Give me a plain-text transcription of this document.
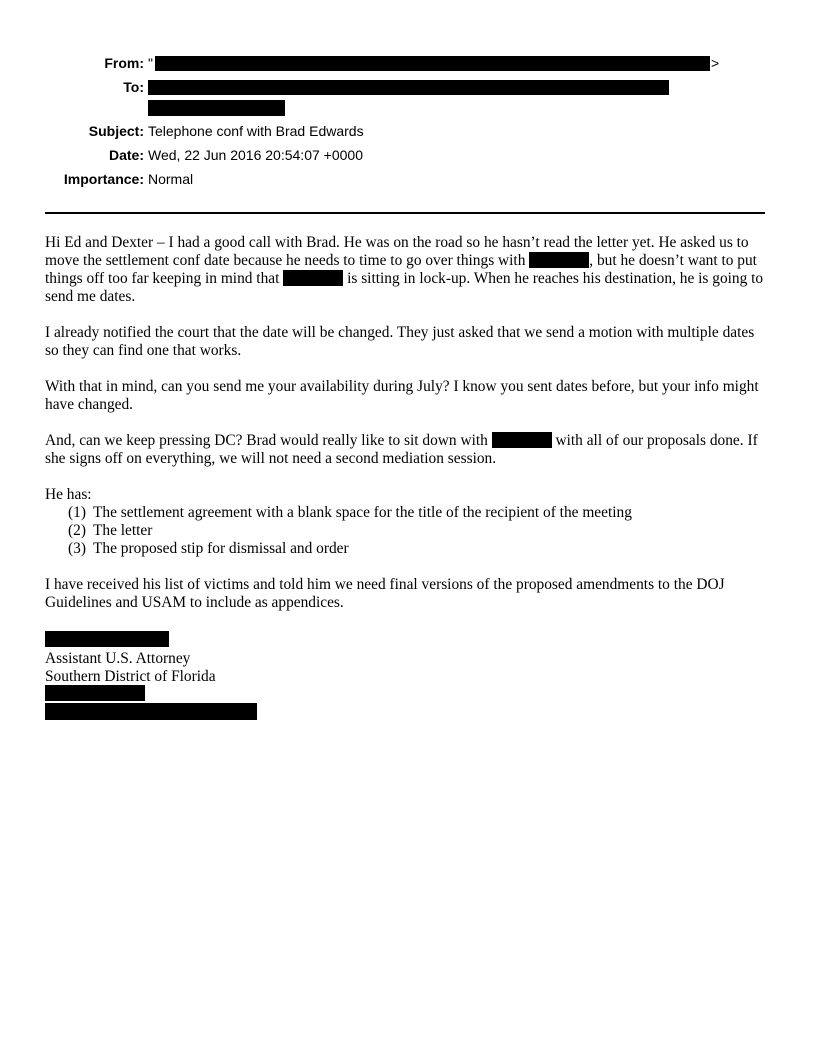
From: "	>
To:
Subject: Telephone conf with Brad Edwards
Date: Wed, 22 Jun 2016 20:54:07 +0000
Importance: Normal

Hi Ed and Dexter – I had a good call with Brad. He was on the road so he hasn’t read the letter yet. He asked us to move the settlement conf date because he needs to time to go over things with	, but he doesn’t want to put things off too far keeping in mind that	is sitting in lock-up. When he reaches his destination, he is going to send me dates.

I already notified the court that the date will be changed. They just asked that we send a motion with multiple dates so they can find one that works.

With that in mind, can you send me your availability during July? I know you sent dates before, but your info might have changed.

And, can we keep pressing DC? Brad would really like to sit down with	with all of our proposals done. If she signs off on everything, we will not need a second mediation session.

He has:
(1) The settlement agreement with a blank space for the title of the recipient of the meeting
(2) The letter
(3) The proposed stip for dismissal and order

I have received his list of victims and told him we need final versions of the proposed amendments to the DOJ Guidelines and USAM to include as appendices.

Assistant U.S. Attorney
Southern District of Florida
